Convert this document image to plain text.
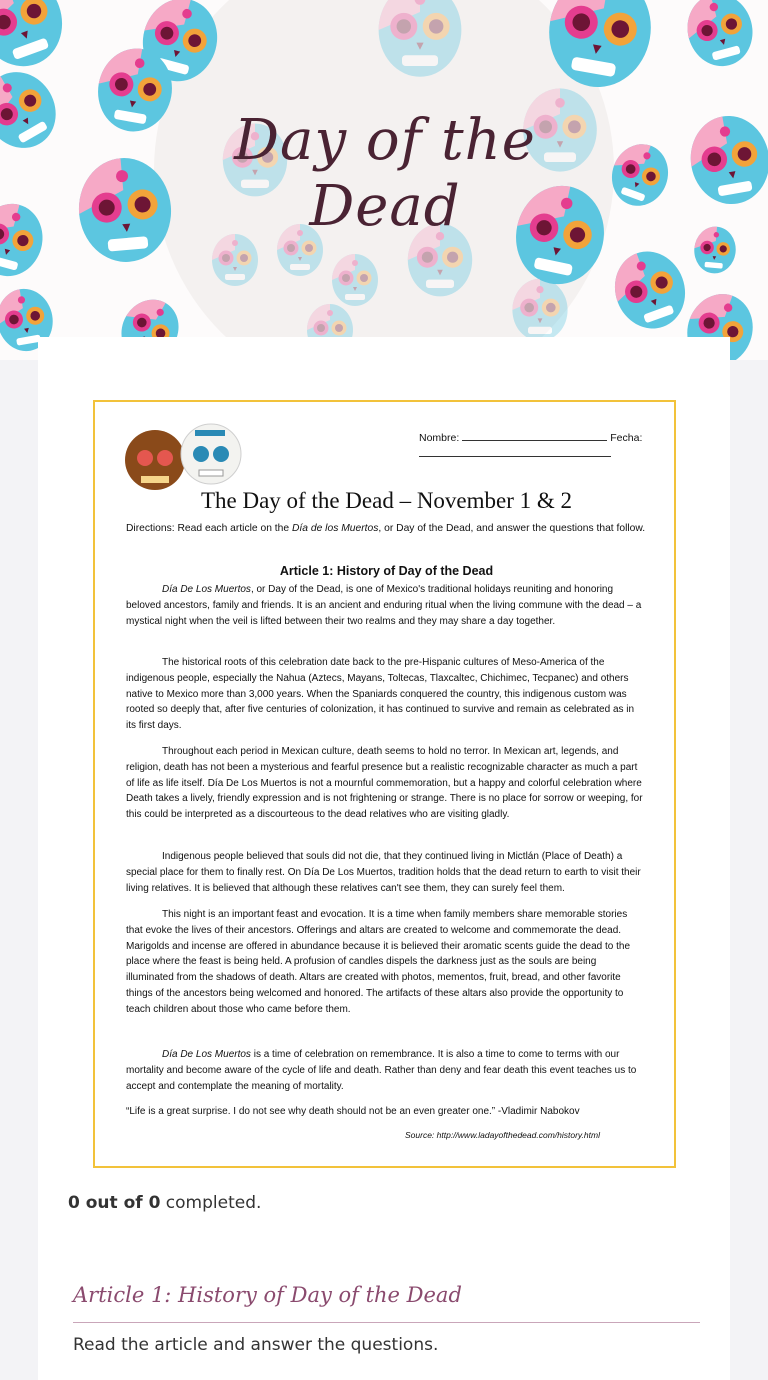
Day of the
Dead
Nombre:	Fecha:
The Day of the Dead – November 1 & 2
Directions: Read each article on the Día de los Muertos, or Day of the Dead, and answer the questions that follow.
Article 1: History of Day of the Dead
Día De Los Muertos, or Day of the Dead, is one of Mexico's traditional holidays reuniting and honoring beloved ancestors, family and friends. It is an ancient and enduring ritual when the living commune with the dead – a mystical night when the veil is lifted between their two realms and they may share a day together.
The historical roots of this celebration date back to the pre-Hispanic cultures of Meso-America of the indigenous people, especially the Nahua (Aztecs, Mayans, Toltecas, Tlaxcaltec, Chichimec, Tecpanec) and others native to Mexico more than 3,000 years. When the Spaniards conquered the country, this indigenous custom was rooted so deeply that, after five centuries of colonization, it has continued to survive and remain as celebrated as in its first days.
Throughout each period in Mexican culture, death seems to hold no terror. In Mexican art, legends, and religion, death has not been a mysterious and fearful presence but a realistic recognizable character as much a part of life as life itself. Día De Los Muertos is not a mournful commemoration, but a happy and colorful celebration where Death takes a lively, friendly expression and is not frightening or strange. There is no place for sorrow or weeping, for this could be interpreted as a discourteous to the dead relatives who are visiting gladly.
Indigenous people believed that souls did not die, that they continued living in Mictlán (Place of Death) a special place for them to finally rest. On Día De Los Muertos, tradition holds that the dead return to earth to visit their living relatives. It is believed that although these relatives can't see them, they can surely feel them.
This night is an important feast and evocation. It is a time when family members share memorable stories that evoke the lives of their ancestors. Offerings and altars are created to welcome and commemorate the dead. Marigolds and incense are offered in abundance because it is believed their aromatic scents guide the dead to the place where the feast is being held. A profusion of candles dispels the darkness just as the souls are being illuminated from the shadows of death. Altars are created with photos, mementos, fruit, bread, and other favorite things of the ancestors being welcomed and honored. The artifacts of these altars also provide the opportunity to teach children about those who came before them.
Día De Los Muertos is a time of celebration on remembrance. It is also a time to come to terms with our mortality and become aware of the cycle of life and death. Rather than deny and fear death this event teaches us to accept and contemplate the meaning of mortality.
“Life is a great surprise. I do not see why death should not be an even greater one.” -Vladimir Nabokov
Source: http://www.ladayofthedead.com/history.html
0 out of 0 completed.
Article 1: History of Day of the Dead
Read the article and answer the questions.
